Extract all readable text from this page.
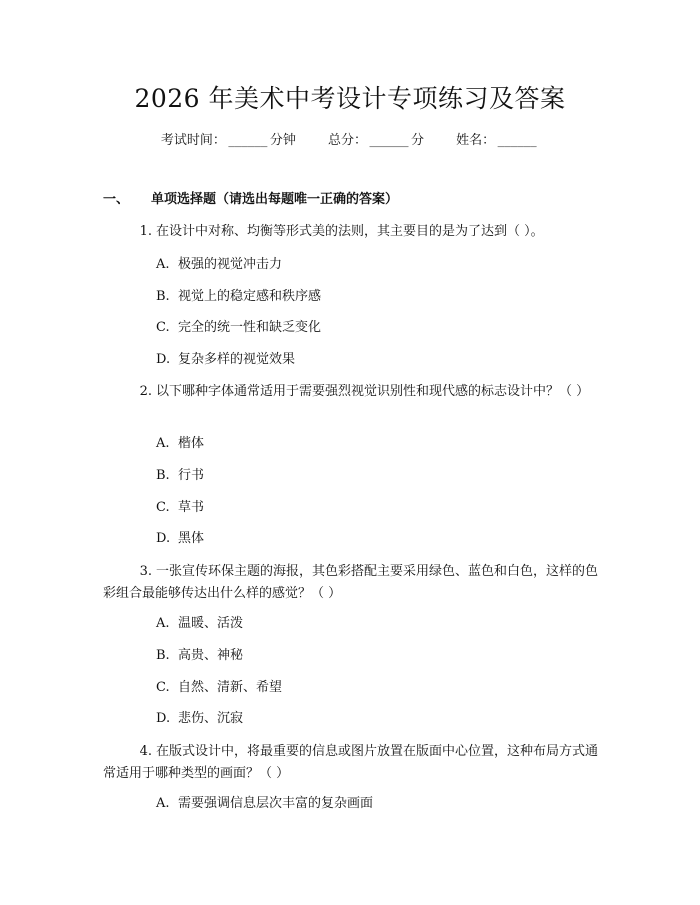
2026 年美术中考设计专项练习及答案
考试时间： ______ 分钟 总分： ______ 分 姓名： ______
一、 单项选择题（请选出每题唯一正确的答案）
1. 在设计中对称、均衡等形式美的法则，其主要目的是为了达到（ ）。
A. 极强的视觉冲击力
B. 视觉上的稳定感和秩序感
C. 完全的统一性和缺乏变化
D. 复杂多样的视觉效果
2. 以下哪种字体通常适用于需要强烈视觉识别性和现代感的标志设计中？（ ）
A. 楷体
B. 行书
C. 草书
D. 黑体
3. 一张宣传环保主题的海报，其色彩搭配主要采用绿色、蓝色和白色，这样的色彩组合最能够传达出什么样的感觉？（ ）
A. 温暖、活泼
B. 高贵、神秘
C. 自然、清新、希望
D. 悲伤、沉寂
4. 在版式设计中，将最重要的信息或图片放置在版面中心位置，这种布局方式通常适用于哪种类型的画面？（ ）
A. 需要强调信息层次丰富的复杂画面
